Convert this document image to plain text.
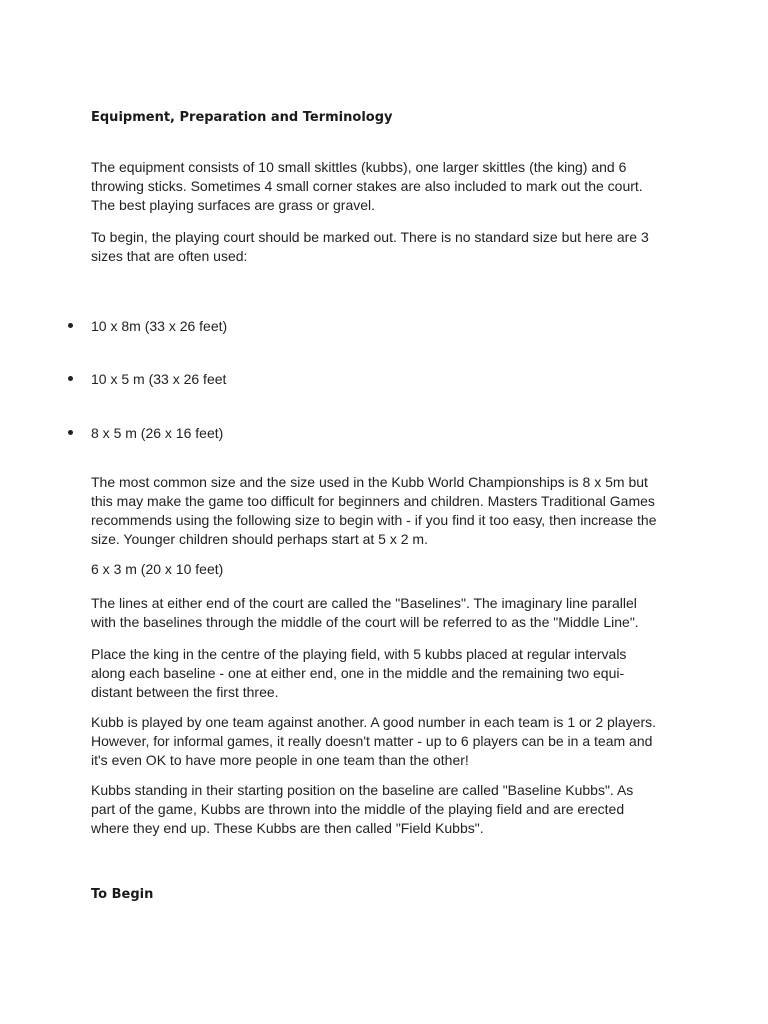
Equipment, Preparation and Terminology
The equipment consists of 10 small skittles (kubbs), one larger skittles (the king) and 6
throwing sticks. Sometimes 4 small corner stakes are also included to mark out the court.
The best playing surfaces are grass or gravel.
To begin, the playing court should be marked out. There is no standard size but here are 3
sizes that are often used:
10 x 8m (33 x 26 feet)
10 x 5 m (33 x 26 feet
8 x 5 m (26 x 16 feet)
The most common size and the size used in the Kubb World Championships is 8 x 5m but
this may make the game too difficult for beginners and children. Masters Traditional Games
recommends using the following size to begin with - if you find it too easy, then increase the
size. Younger children should perhaps start at 5 x 2 m.
6 x 3 m (20 x 10 feet)
The lines at either end of the court are called the "Baselines". The imaginary line parallel
with the baselines through the middle of the court will be referred to as the "Middle Line".
Place the king in the centre of the playing field, with 5 kubbs placed at regular intervals
along each baseline - one at either end, one in the middle and the remaining two equi-
distant between the first three.
Kubb is played by one team against another. A good number in each team is 1 or 2 players.
However, for informal games, it really doesn't matter - up to 6 players can be in a team and
it's even OK to have more people in one team than the other!
Kubbs standing in their starting position on the baseline are called "Baseline Kubbs". As
part of the game, Kubbs are thrown into the middle of the playing field and are erected
where they end up. These Kubbs are then called "Field Kubbs".
To Begin
